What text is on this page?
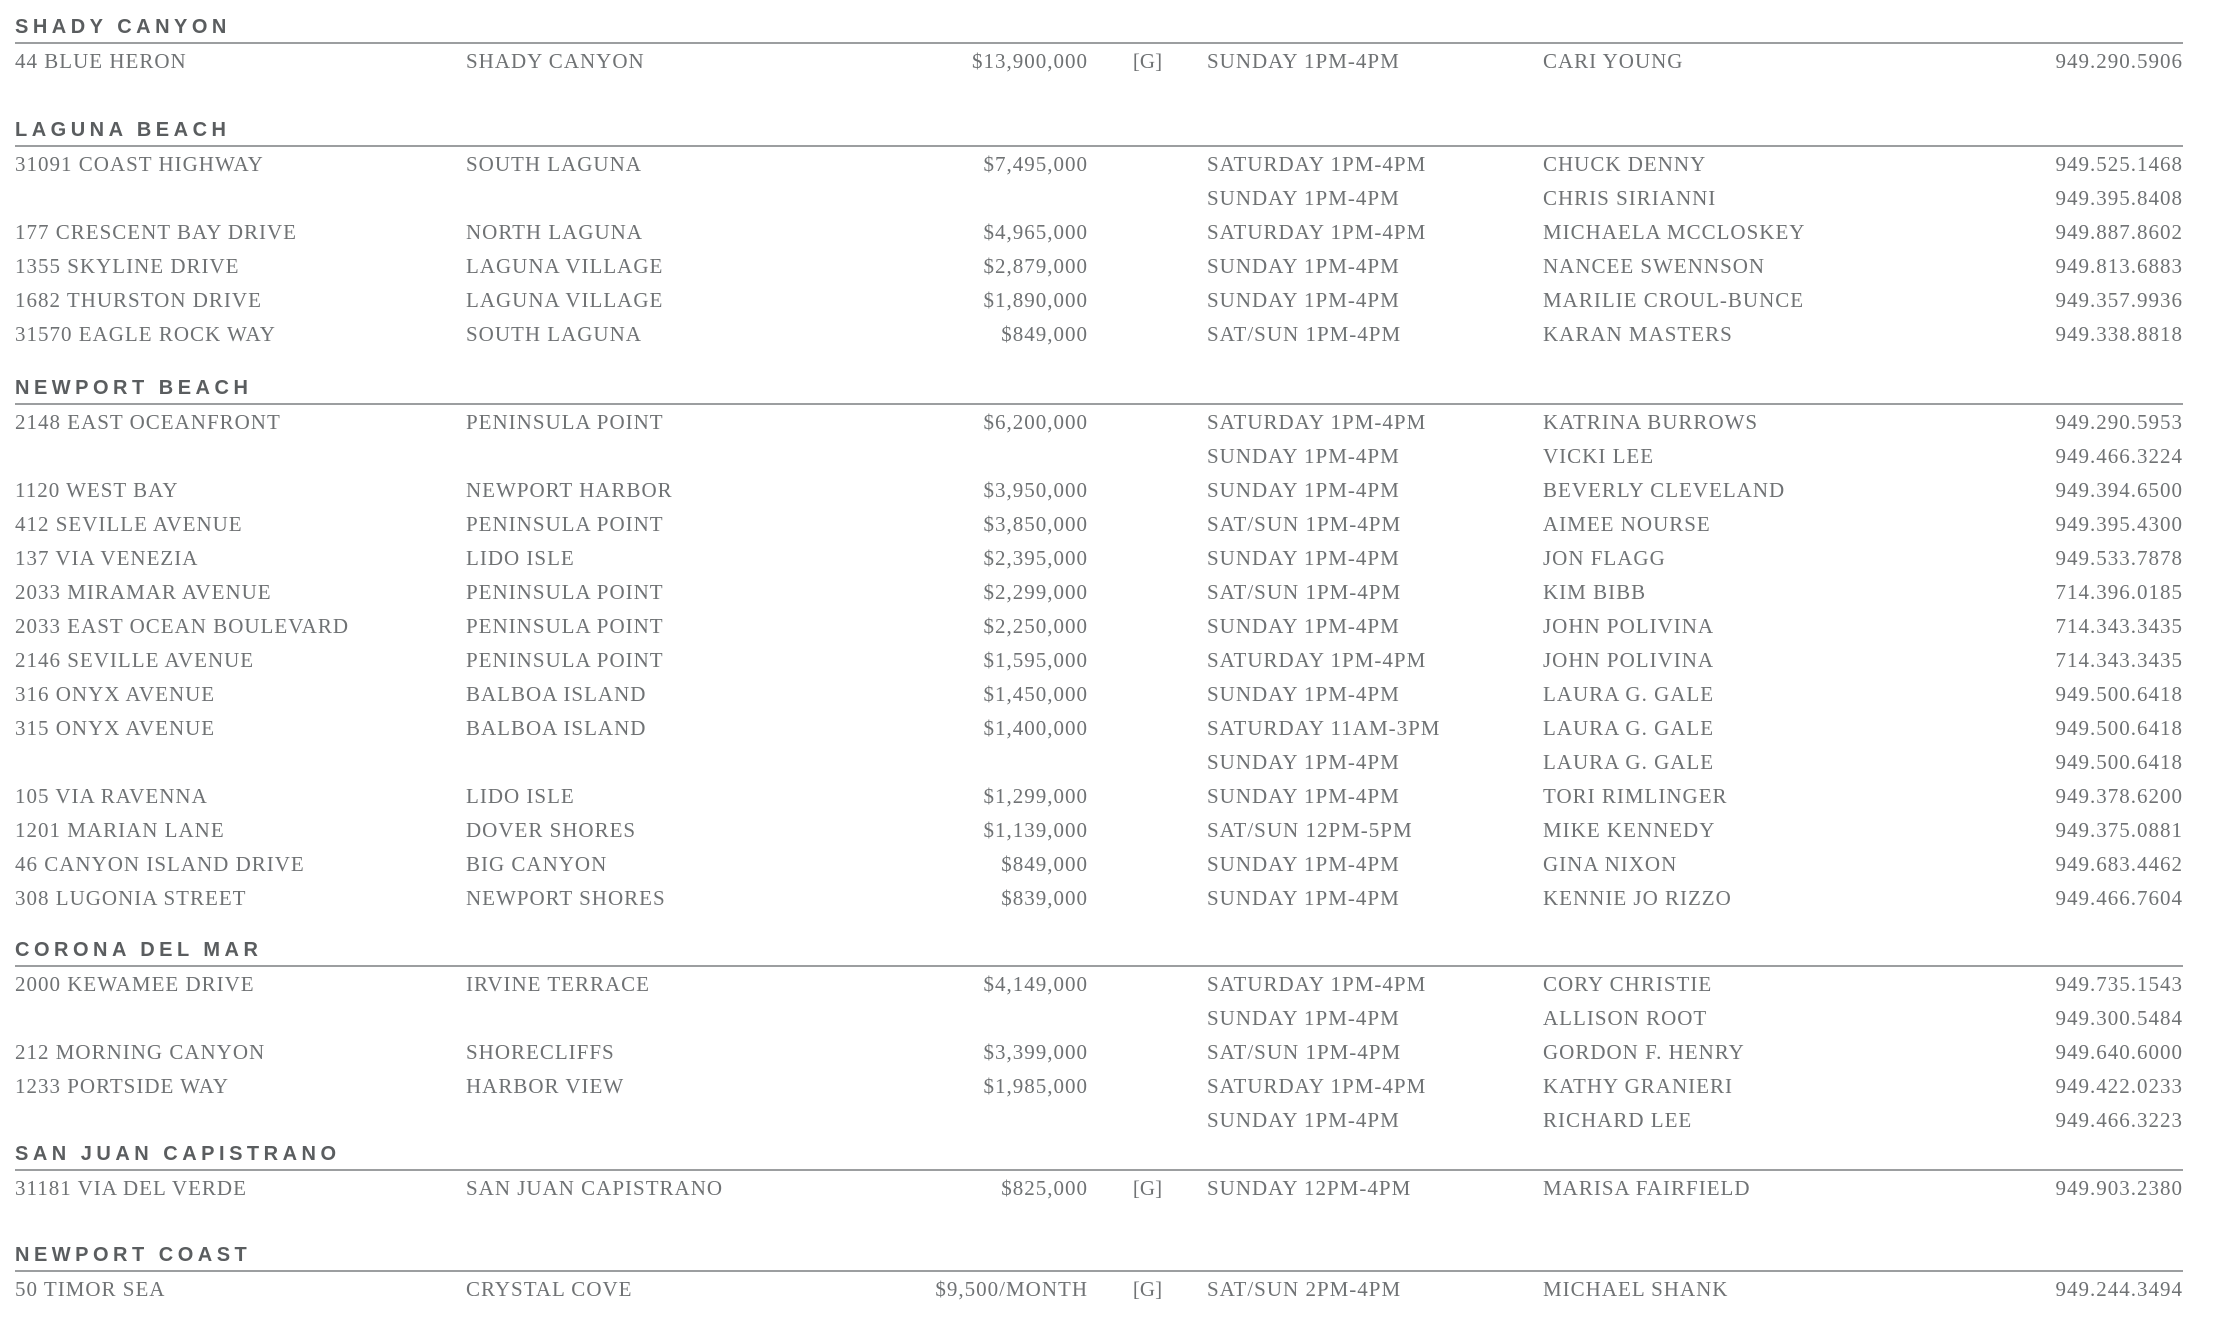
SHADY CANYON
44 BLUE HERON	SHADY CANYON	$13,900,000	[G]	SUNDAY 1PM-4PM	CARI YOUNG	949.290.5906
LAGUNA BEACH
31091 COAST HIGHWAY	SOUTH LAGUNA	$7,495,000	SATURDAY 1PM-4PM	CHUCK DENNY	949.525.1468
SUNDAY 1PM-4PM	CHRIS SIRIANNI	949.395.8408
177 CRESCENT BAY DRIVE	NORTH LAGUNA	$4,965,000	SATURDAY 1PM-4PM	MICHAELA MCCLOSKEY	949.887.8602
1355 SKYLINE DRIVE	LAGUNA VILLAGE	$2,879,000	SUNDAY 1PM-4PM	NANCEE SWENNSON	949.813.6883
1682 THURSTON DRIVE	LAGUNA VILLAGE	$1,890,000	SUNDAY 1PM-4PM	MARILIE CROUL-BUNCE	949.357.9936
31570 EAGLE ROCK WAY	SOUTH LAGUNA	$849,000	SAT/SUN 1PM-4PM	KARAN MASTERS	949.338.8818
NEWPORT BEACH
2148 EAST OCEANFRONT	PENINSULA POINT	$6,200,000	SATURDAY 1PM-4PM	KATRINA BURROWS	949.290.5953
SUNDAY 1PM-4PM	VICKI LEE	949.466.3224
1120 WEST BAY	NEWPORT HARBOR	$3,950,000	SUNDAY 1PM-4PM	BEVERLY CLEVELAND	949.394.6500
412 SEVILLE AVENUE	PENINSULA POINT	$3,850,000	SAT/SUN 1PM-4PM	AIMEE NOURSE	949.395.4300
137 VIA VENEZIA	LIDO ISLE	$2,395,000	SUNDAY 1PM-4PM	JON FLAGG	949.533.7878
2033 MIRAMAR AVENUE	PENINSULA POINT	$2,299,000	SAT/SUN 1PM-4PM	KIM BIBB	714.396.0185
2033 EAST OCEAN BOULEVARD	PENINSULA POINT	$2,250,000	SUNDAY 1PM-4PM	JOHN POLIVINA	714.343.3435
2146 SEVILLE AVENUE	PENINSULA POINT	$1,595,000	SATURDAY 1PM-4PM	JOHN POLIVINA	714.343.3435
316 ONYX AVENUE	BALBOA ISLAND	$1,450,000	SUNDAY 1PM-4PM	LAURA G. GALE	949.500.6418
315 ONYX AVENUE	BALBOA ISLAND	$1,400,000	SATURDAY 11AM-3PM	LAURA G. GALE	949.500.6418
SUNDAY 1PM-4PM	LAURA G. GALE	949.500.6418
105 VIA RAVENNA	LIDO ISLE	$1,299,000	SUNDAY 1PM-4PM	TORI RIMLINGER	949.378.6200
1201 MARIAN LANE	DOVER SHORES	$1,139,000	SAT/SUN 12PM-5PM	MIKE KENNEDY	949.375.0881
46 CANYON ISLAND DRIVE	BIG CANYON	$849,000	SUNDAY 1PM-4PM	GINA NIXON	949.683.4462
308 LUGONIA STREET	NEWPORT SHORES	$839,000	SUNDAY 1PM-4PM	KENNIE JO RIZZO	949.466.7604
CORONA DEL MAR
2000 KEWAMEE DRIVE	IRVINE TERRACE	$4,149,000	SATURDAY 1PM-4PM	CORY CHRISTIE	949.735.1543
SUNDAY 1PM-4PM	ALLISON ROOT	949.300.5484
212 MORNING CANYON	SHORECLIFFS	$3,399,000	SAT/SUN 1PM-4PM	GORDON F. HENRY	949.640.6000
1233 PORTSIDE WAY	HARBOR VIEW	$1,985,000	SATURDAY 1PM-4PM	KATHY GRANIERI	949.422.0233
SUNDAY 1PM-4PM	RICHARD LEE	949.466.3223
SAN JUAN CAPISTRANO
31181 VIA DEL VERDE	SAN JUAN CAPISTRANO	$825,000	[G]	SUNDAY 12PM-4PM	MARISA FAIRFIELD	949.903.2380
NEWPORT COAST
50 TIMOR SEA	CRYSTAL COVE	$9,500/MONTH	[G]	SAT/SUN 2PM-4PM	MICHAEL SHANK	949.244.3494
